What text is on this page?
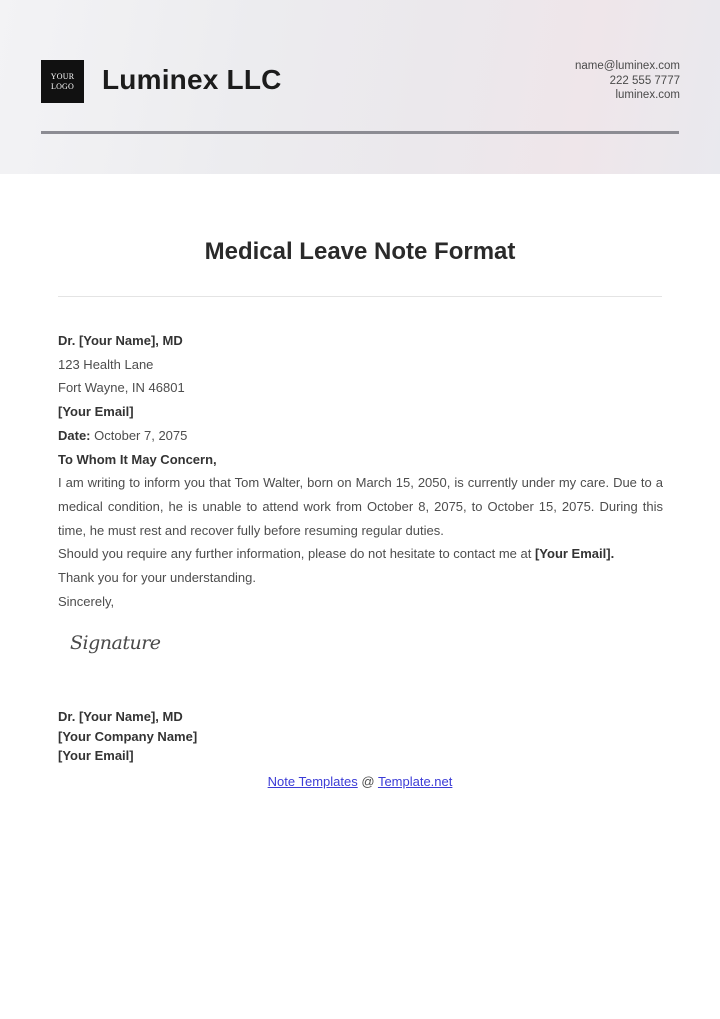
YOUR
LOGO Luminex LLC	name@luminex.com
222 555 7777
luminex.com
Medical Leave Note Format
Dr. [Your Name], MD
123 Health Lane
Fort Wayne, IN 46801
[Your Email]
Date: October 7, 2075
To Whom It May Concern,
I am writing to inform you that Tom Walter, born on March 15, 2050, is currently under my care. Due to a medical condition, he is unable to attend work from October 8, 2075, to October 15, 2075. During this time, he must rest and recover fully before resuming regular duties.
Should you require any further information, please do not hesitate to contact me at [Your Email].
Thank you for your understanding.
Sincerely,
Signature
Dr. [Your Name], MD
[Your Company Name]
[Your Email]
Note Templates @ Template.net
